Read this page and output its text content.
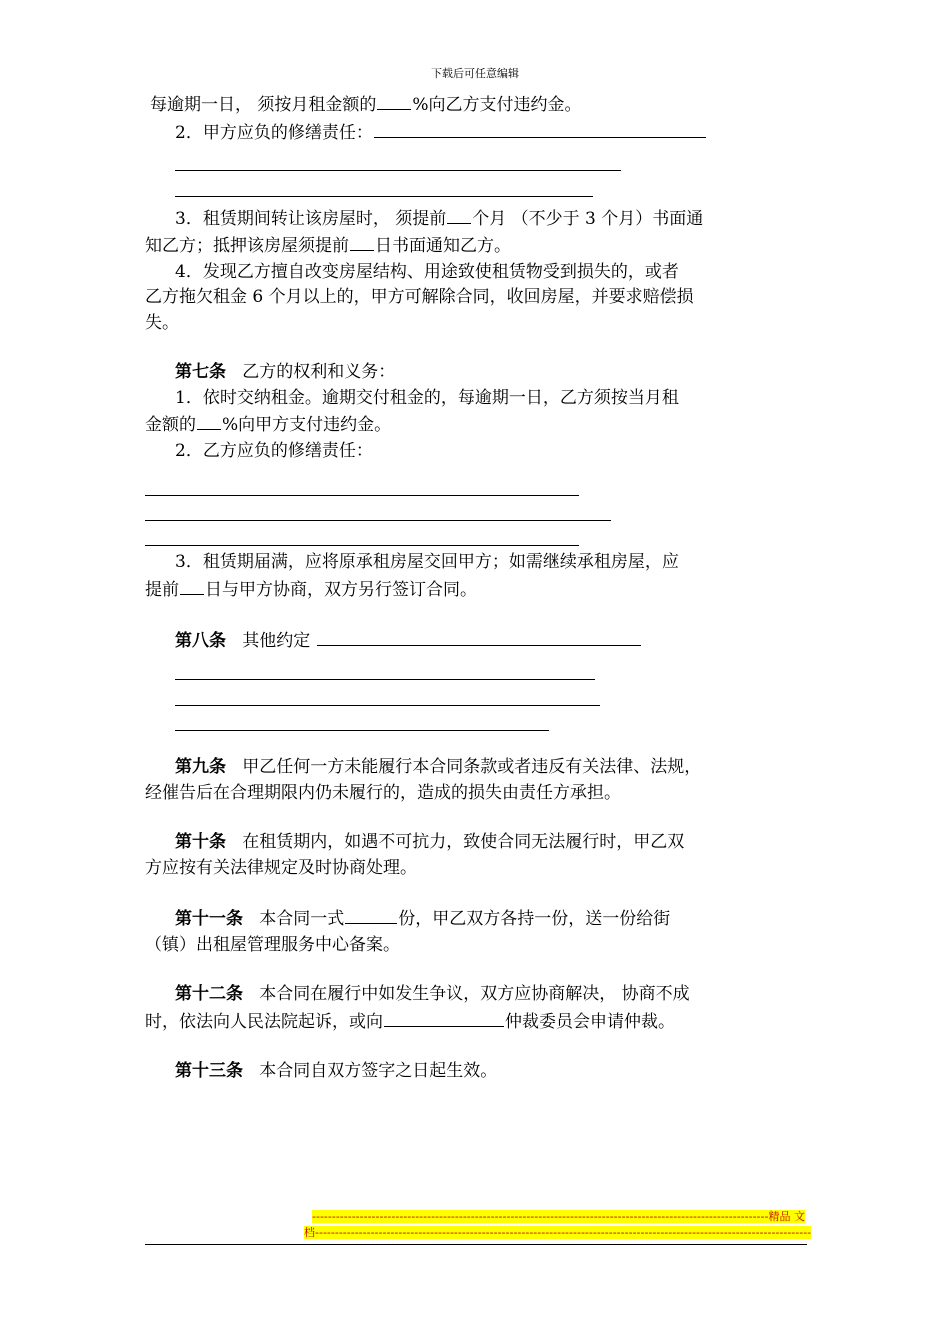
下载后可任意编辑

每逾期一日， 须按月租金额的 %向乙方支付违约金。

2．甲方应负的修缮责任：

3．租赁期间转让该房屋时， 须提前 个月 （不少于 3 个月）书面通

知乙方；抵押该房屋须提前 日书面通知乙方。

4．发现乙方擅自改变房屋结构、用途致使租赁物受到损失的，或者

乙方拖欠租金 6 个月以上的，甲方可解除合同，收回房屋，并要求赔偿损

失。

第七条 乙方的权利和义务：

1．依时交纳租金。逾期交付租金的，每逾期一日，乙方须按当月租

金额的 %向甲方支付违约金。

2．乙方应负的修缮责任：

3．租赁期届满，应将原承租房屋交回甲方；如需继续承租房屋，应

提前 日与甲方协商，双方另行签订合同。

第八条 其他约定

第九条 甲乙任何一方未能履行本合同条款或者违反有关法律、法规，

经催告后在合理期限内仍未履行的，造成的损失由责任方承担。

第十条 在租赁期内，如遇不可抗力，致使合同无法履行时，甲乙双

方应按有关法律规定及时协商处理。

第十一条 本合同一式	份，甲乙双方各持一份，送一份给街

（镇）出租屋管理服务中心备案。

第十二条 本合同在履行中如发生争议，双方应协商解决， 协商不成

时，依法向人民法院起诉，或向	仲裁委员会申请仲裁。

第十三条 本合同自双方签字之日起生效。

-------------------------------------------------------------------------------------------------------------------精品 文
档-----------------------------------------------------------------------------------------------------------------------------
